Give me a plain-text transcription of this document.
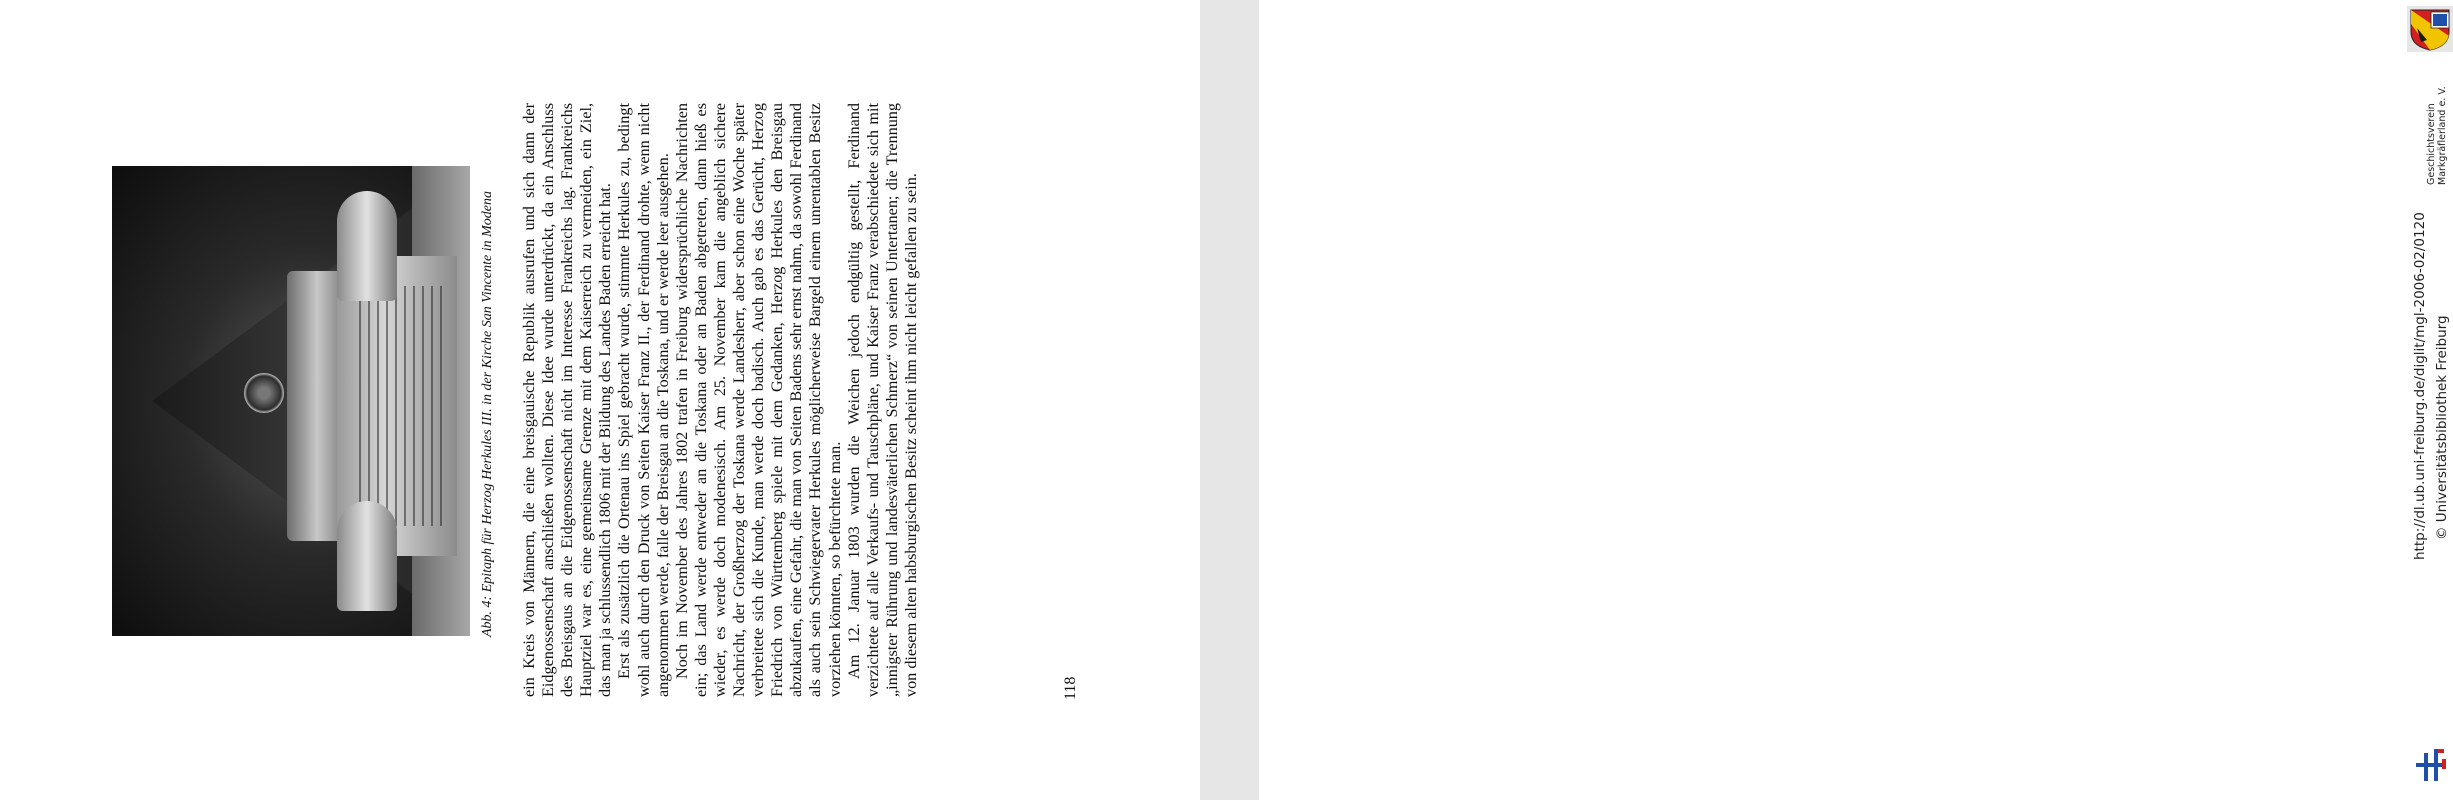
Abb. 4: Epitaph für Herzog Herkules III. in der Kirche San Vincente in Modena ein Kreis von Männern, die eine breisgauische Republik ausrufen und sich dann der Eidgenossenschaft anschließen wollten. Diese Idee wurde unterdrückt, da ein Anschluss des Breisgaus an die Eidgenossenschaft nicht im Interesse Frankreichs lag. Frankreichs Hauptziel war es, eine gemeinsame Grenze mit dem Kaiserreich zu vermeiden, ein Ziel, das man ja schlussendlich 1806 mit der Bildung des Landes Baden erreicht hat. Erst als zusätzlich die Ortenau ins Spiel gebracht wurde, stimmte Herkules zu, bedingt wohl auch durch den Druck von Seiten Kaiser Franz II., der Ferdinand drohte, wenn nicht angenommen werde, falle der Breisgau an die Toskana, und er werde leer ausgehen. Noch im November des Jahres 1802 trafen in Freiburg widersprüchliche Nachrichten ein; das Land werde entweder an die Toskana oder an Baden abgetreten, dann hieß es wieder, es werde doch modenesisch. Am 25. November kam die angeblich sichere Nachricht, der Großherzog der Toskana werde Landesherr, aber schon eine Woche später verbreitete sich die Kunde, man werde doch badisch. Auch gab es das Gerücht, Herzog Friedrich von Württemberg spiele mit dem Gedanken, Herzog Herkules den Breisgau abzukaufen, eine Gefahr, die man von Seiten Badens sehr ernst nahm, da sowohl Ferdinand als auch sein Schwiegervater Herkules möglicherweise Bargeld einem unrentablen Besitz vorziehen könnten, so befürchtete man. Am 12. Januar 1803 wurden die Weichen jedoch endgültig gestellt, Ferdinand verzichtete auf alle Verkaufs- und Tauschpläne, und Kaiser Franz verabschiedete sich mit „innigster Rührung und landesväterlichen Schmerz“ von seinen Untertanen; die Trennung von diesem alten habsburgischen Besitz scheint ihm nicht leicht gefallen zu sein.	118
Geschichtsverein Markgräflerland e. V.
http://dl.ub.uni-freiburg.de/diglit/mgl-2006-02/0120 © Universitätsbibliothek Freiburg
